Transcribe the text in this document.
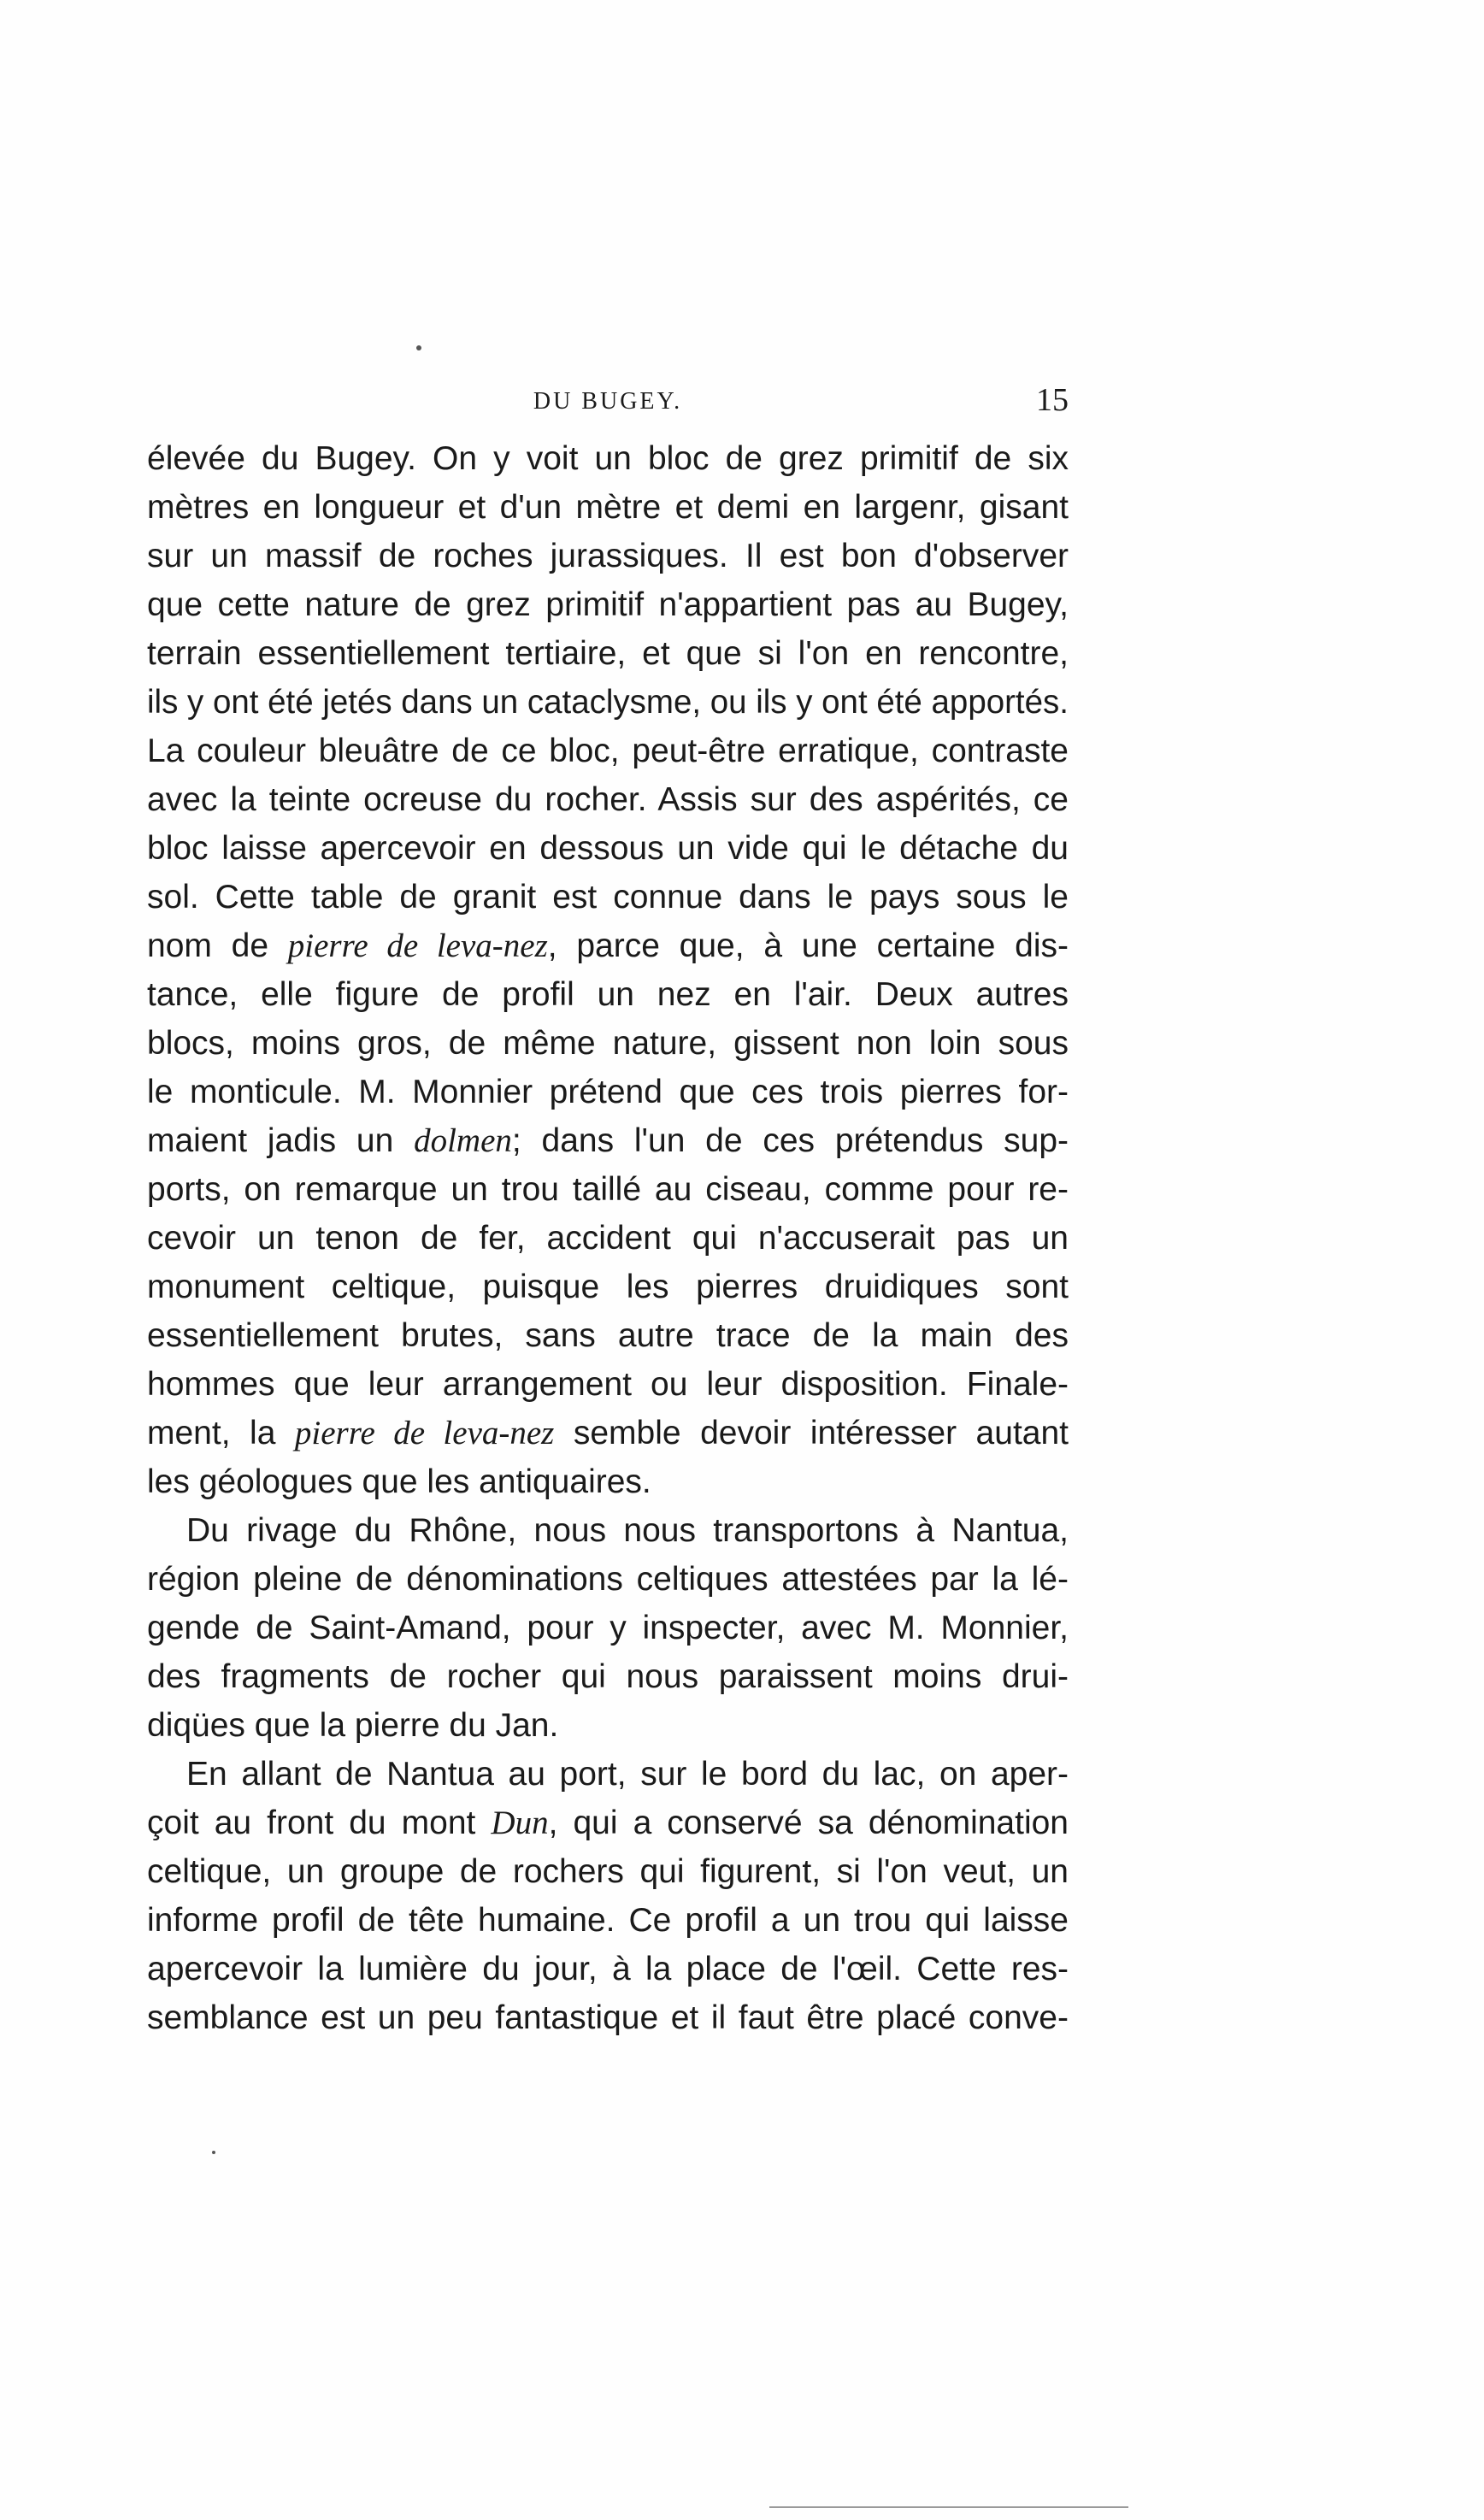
DU BUGEY.	15
élevée du Bugey. On y voit un bloc de grez primitif de six
mètres en longueur et d'un mètre et demi en largenr, gisant
sur un massif de roches jurassiques. Il est bon d'observer
que cette nature de grez primitif n'appartient pas au Bugey,
terrain essentiellement tertiaire, et que si l'on en rencontre,
ils y ont été jetés dans un cataclysme, ou ils y ont été apportés.
La couleur bleuâtre de ce bloc, peut-être erratique, contraste
avec la teinte ocreuse du rocher. Assis sur des aspérités, ce
bloc laisse apercevoir en dessous un vide qui le détache du
sol. Cette table de granit est connue dans le pays sous le
nom de pierre de leva-nez, parce que, à une certaine dis-
tance, elle figure de profil un nez en l'air. Deux autres
blocs, moins gros, de même nature, gissent non loin sous
le monticule. M. Monnier prétend que ces trois pierres for-
maient jadis un dolmen; dans l'un de ces prétendus sup-
ports, on remarque un trou taillé au ciseau, comme pour re-
cevoir un tenon de fer, accident qui n'accuserait pas un
monument celtique, puisque les pierres druidiques sont
essentiellement brutes, sans autre trace de la main des
hommes que leur arrangement ou leur disposition. Finale-
ment, la pierre de leva-nez semble devoir intéresser autant
les géologues que les antiquaires.
Du rivage du Rhône, nous nous transportons à Nantua,
région pleine de dénominations celtiques attestées par la lé-
gende de Saint-Amand, pour y inspecter, avec M. Monnier,
des fragments de rocher qui nous paraissent moins drui-
diqües que la pierre du Jan.
En allant de Nantua au port, sur le bord du lac, on aper-
çoit au front du mont Dun, qui a conservé sa dénomination
celtique, un groupe de rochers qui figurent, si l'on veut, un
informe profil de tête humaine. Ce profil a un trou qui laisse
apercevoir la lumière du jour, à la place de l'œil. Cette res-
semblance est un peu fantastique et il faut être placé conve-
